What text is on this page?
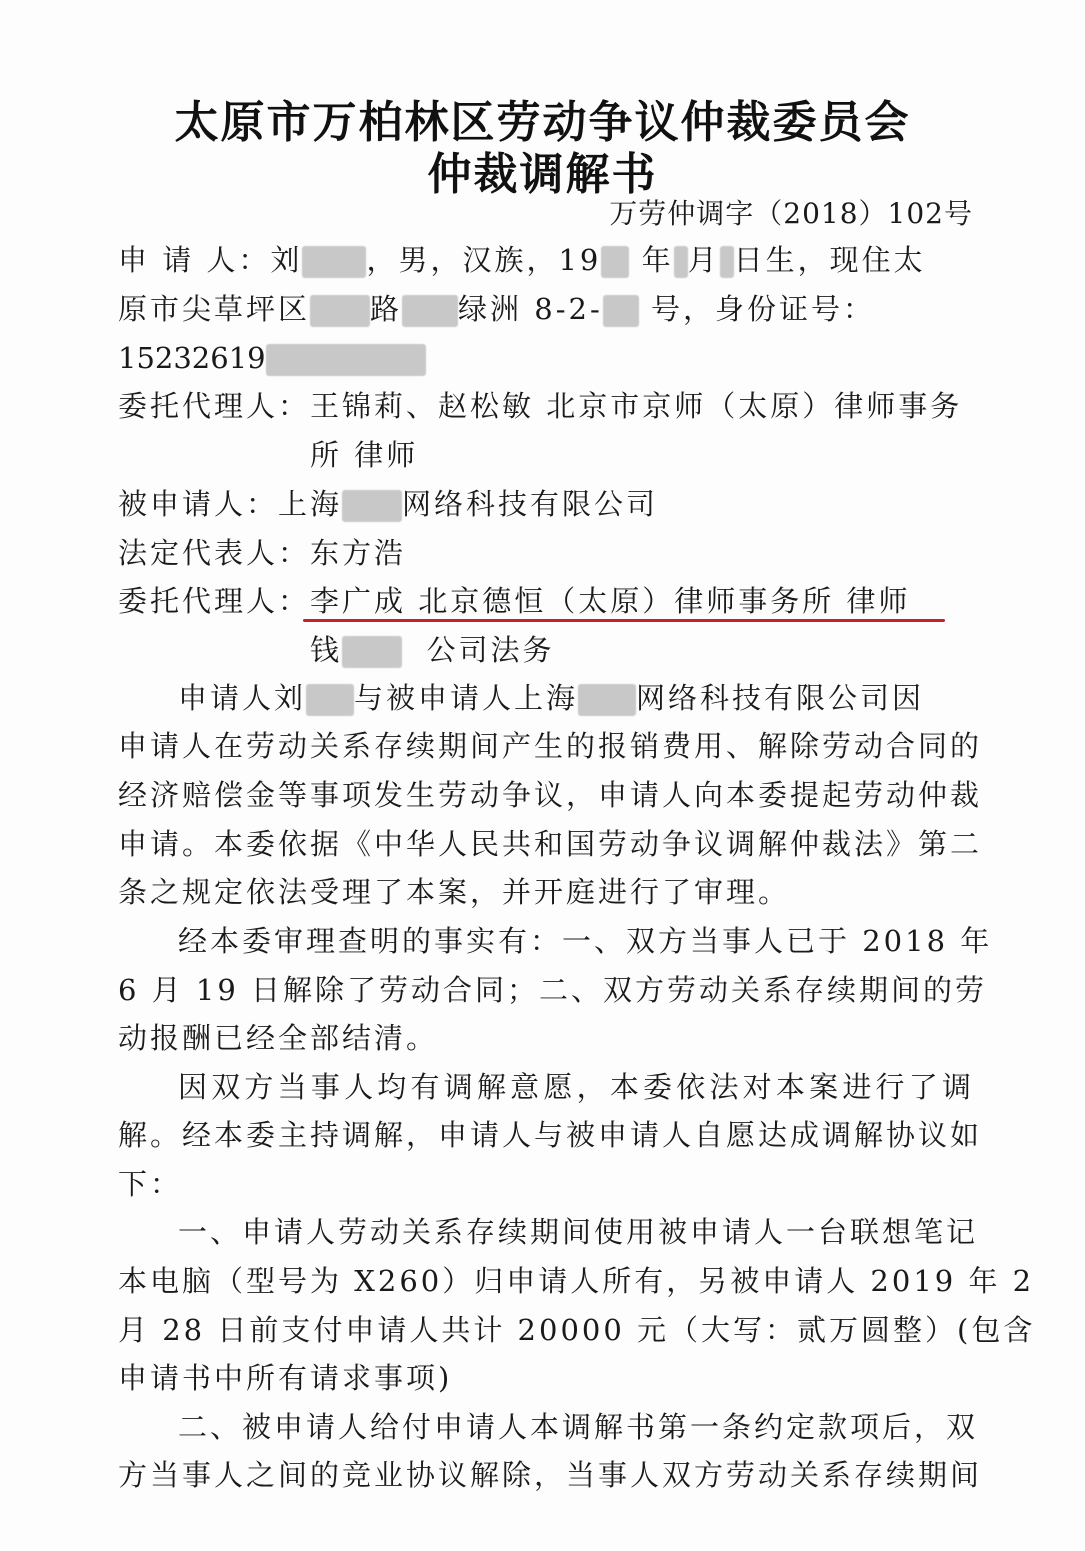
太原市万柏林区劳动争议仲裁委员会
仲裁调解书
万劳仲调字（2018）102号
申 请 人：刘 ，男，汉族，19 年 月 日生，现住太
原市尖草坪区 路 绿洲 8-2- 号，身份证号：
15232619
委托代理人：王锦莉、赵松敏 北京市京师（太原）律师事务
所 律师
被申请人：上海 网络科技有限公司
法定代表人：东方浩
委托代理人：李广成 北京德恒（太原）律师事务所 律师
钱	公司法务
申请人刘 与被申请人上海 网络科技有限公司因
申请人在劳动关系存续期间产生的报销费用、解除劳动合同的
经济赔偿金等事项发生劳动争议，申请人向本委提起劳动仲裁
申请。本委依据《中华人民共和国劳动争议调解仲裁法》第二
条之规定依法受理了本案，并开庭进行了审理。
经本委审理查明的事实有：一、双方当事人已于 2018 年
6 月 19 日解除了劳动合同；二、双方劳动关系存续期间的劳
动报酬已经全部结清。
因双方当事人均有调解意愿，本委依法对本案进行了调
解。经本委主持调解，申请人与被申请人自愿达成调解协议如
下：
一、申请人劳动关系存续期间使用被申请人一台联想笔记
本电脑（型号为 X260）归申请人所有，另被申请人 2019 年 2
月 28 日前支付申请人共计 20000 元（大写：贰万圆整）(包含
申请书中所有请求事项)
二、被申请人给付申请人本调解书第一条约定款项后，双
方当事人之间的竞业协议解除，当事人双方劳动关系存续期间
